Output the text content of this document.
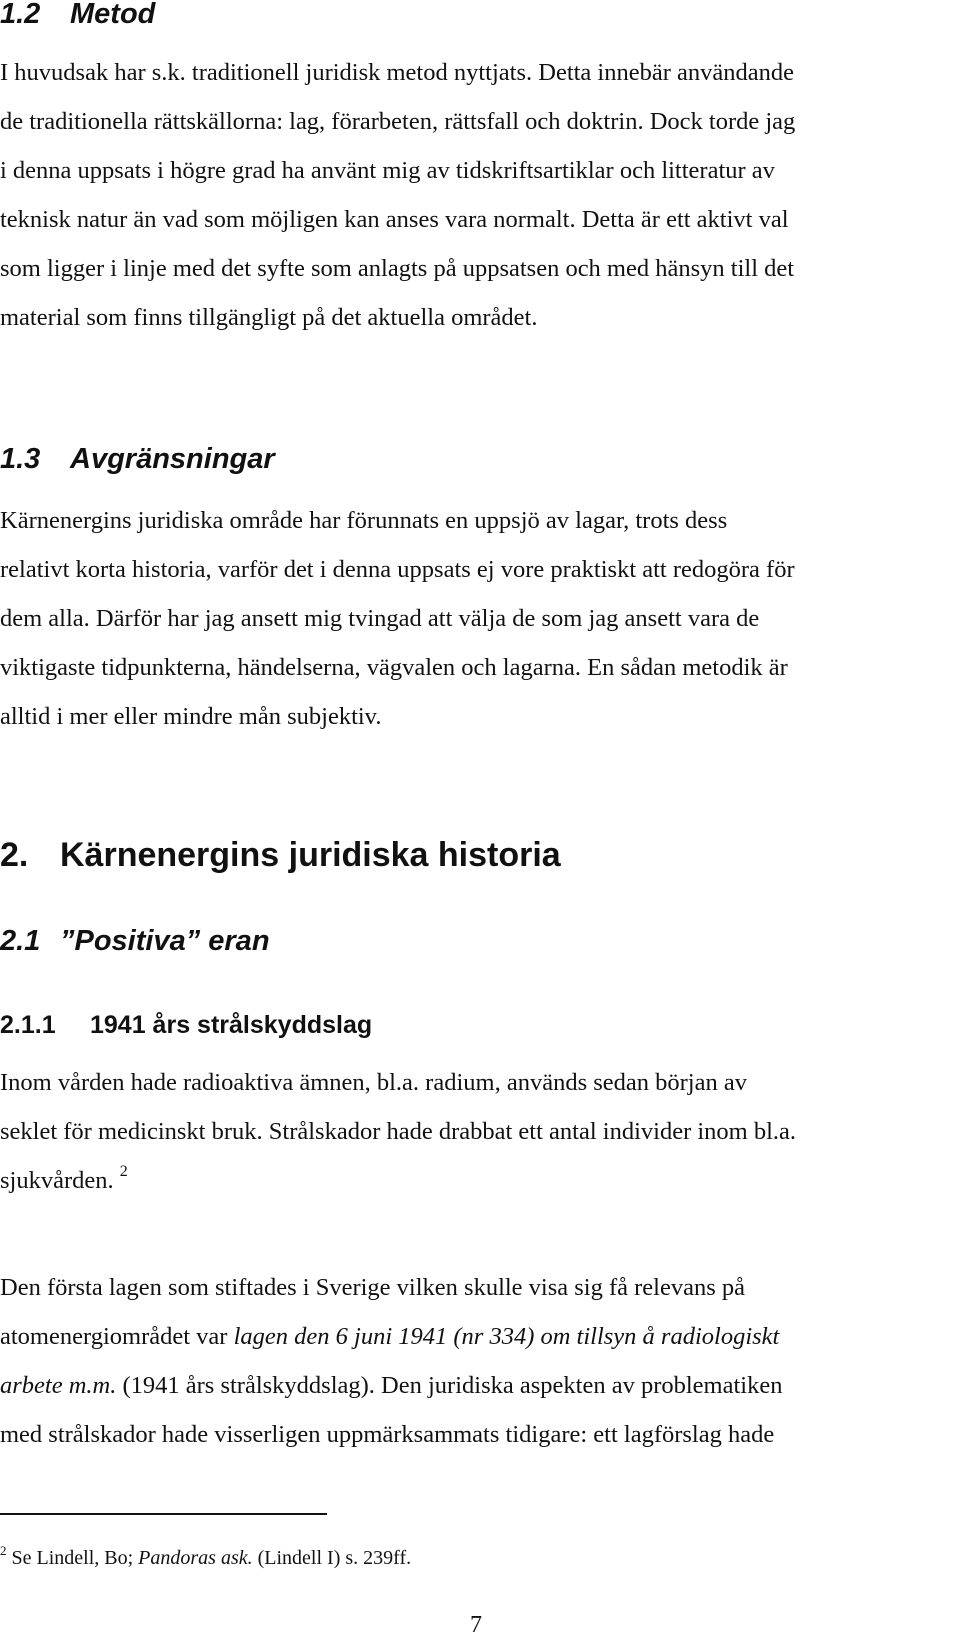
1.2 Metod
I huvudsak har s.k. traditionell juridisk metod nyttjats. Detta innebär användande
de traditionella rättskällorna: lag, förarbeten, rättsfall och doktrin. Dock torde jag
i denna uppsats i högre grad ha använt mig av tidskriftsartiklar och litteratur av
teknisk natur än vad som möjligen kan anses vara normalt. Detta är ett aktivt val
som ligger i linje med det syfte som anlagts på uppsatsen och med hänsyn till det
material som finns tillgängligt på det aktuella området.
1.3 Avgränsningar
Kärnenergins juridiska område har förunnats en uppsjö av lagar, trots dess
relativt korta historia, varför det i denna uppsats ej vore praktiskt att redogöra för
dem alla. Därför har jag ansett mig tvingad att välja de som jag ansett vara de
viktigaste tidpunkterna, händelserna, vägvalen och lagarna. En sådan metodik är
alltid i mer eller mindre mån subjektiv.
2. Kärnenergins juridiska historia
2.1 ”Positiva” eran
2.1.1 1941 års strålskyddslag
Inom vården hade radioaktiva ämnen, bl.a. radium, används sedan början av
seklet för medicinskt bruk. Strålskador hade drabbat ett antal individer inom bl.a.
sjukvården. $^2$
Den första lagen som stiftades i Sverige vilken skulle visa sig få relevans på
atomenergiområdet var lagen den 6 juni 1941 (nr 334) om tillsyn å radiologiskt
arbete m.m. (1941 års strålskyddslag). Den juridiska aspekten av problematiken
med strålskador hade visserligen uppmärksammats tidigare: ett lagförslag hade
$^2$ Se Lindell, Bo; Pandoras ask. (Lindell I) s. 239ff.
7
